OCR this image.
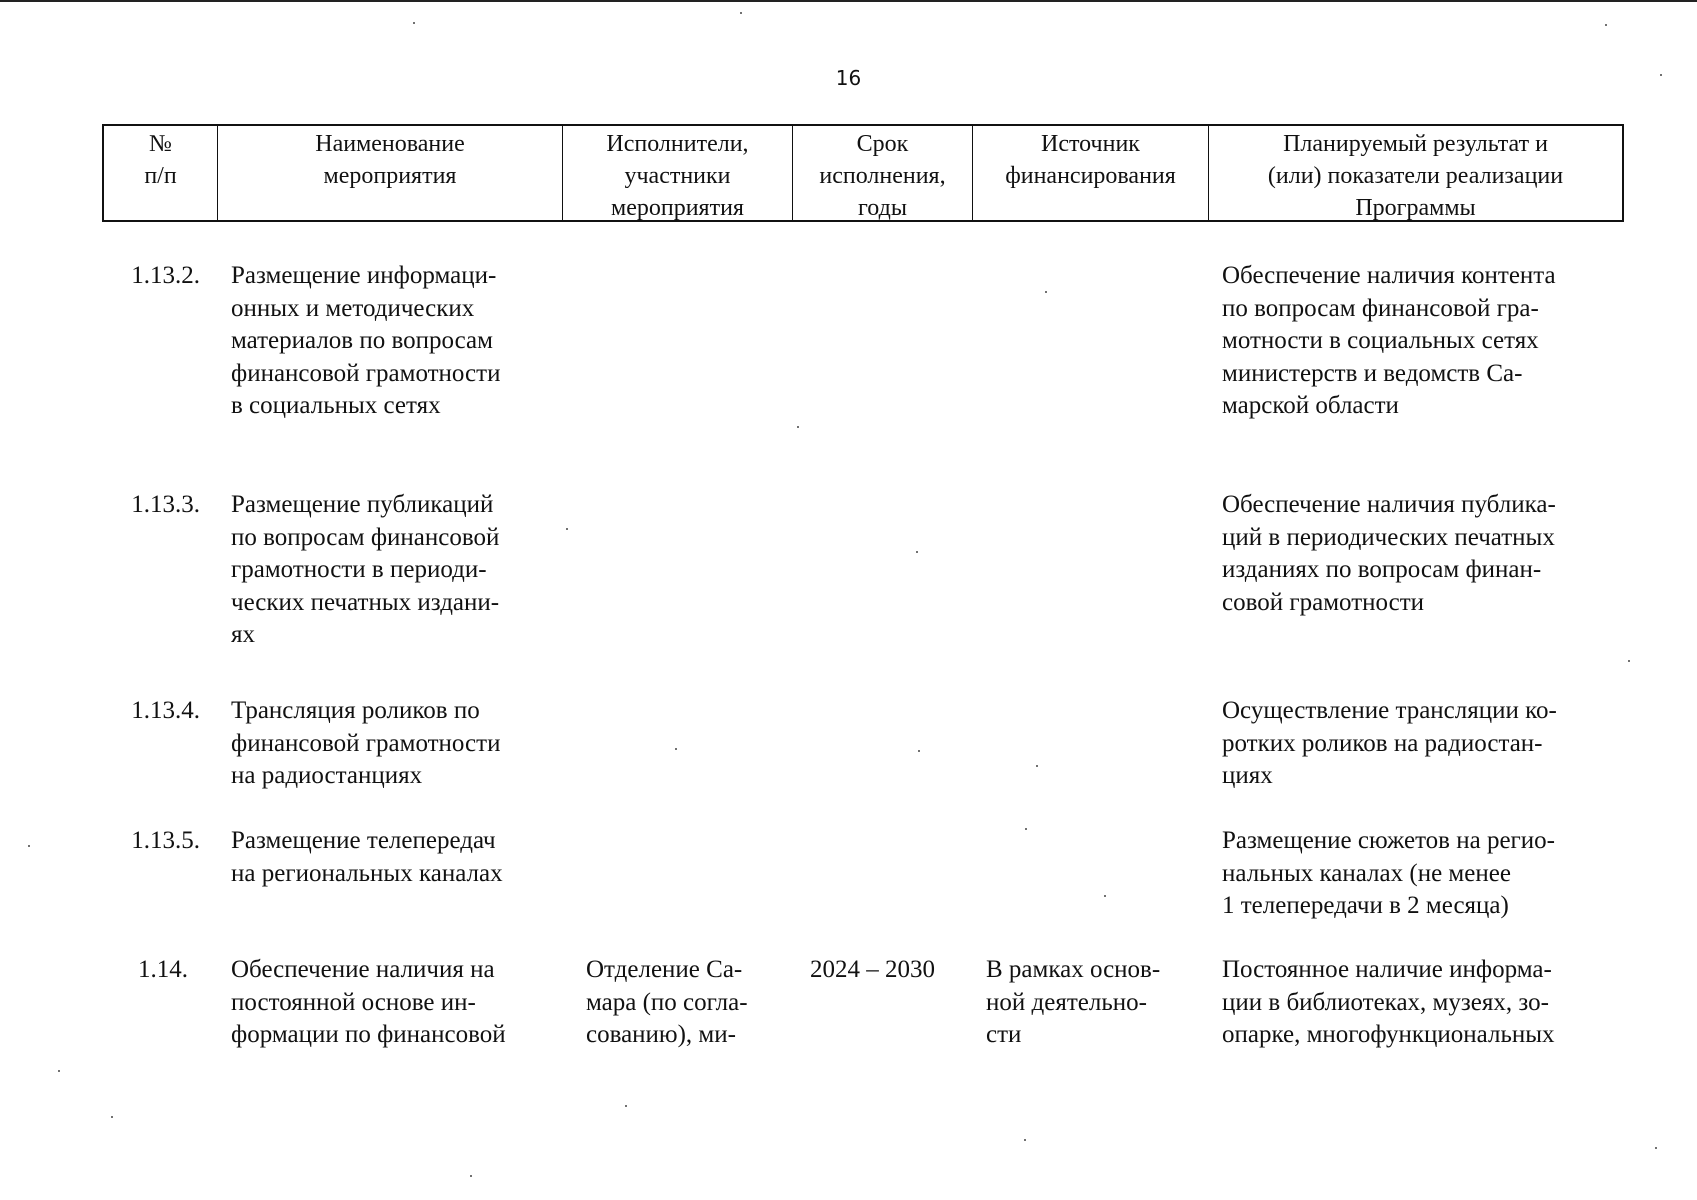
16
№
п/п
Наименование
мероприятия
Исполнители,
участники
мероприятия
Срок
исполнения,
годы
Источник
финансирования
Планируемый результат и
(или) показатели реализации
Программы
1.13.2. Размещение информаци-
онных и методических
материалов по вопросам
финансовой грамотности
в социальных сетях
Обеспечение наличия контента
по вопросам финансовой гра-
мотности в социальных сетях
министерств и ведомств Са-
марской области
1.13.3. Размещение публикаций
по вопросам финансовой
грамотности в периоди-
ческих печатных издани-
ях
Обеспечение наличия публика-
ций в периодических печатных
изданиях по вопросам финан-
совой грамотности
1.13.4. Трансляция роликов по
финансовой грамотности
на радиостанциях
Осуществление трансляции ко-
ротких роликов на радиостан-
циях
1.13.5. Размещение телепередач
на региональных каналах
Размещение сюжетов на регио-
нальных каналах (не менее
1 телепередачи в 2 месяца)
1.14. Обеспечение наличия на
постоянной основе ин-
формации по финансовой
Отделение Са-
мара (по согла-
сованию), ми-
2024 – 2030	В рамках основ-
ной деятельно-
сти
Постоянное наличие информа-
ции в библиотеках, музеях, зо-
опарке, многофункциональных
